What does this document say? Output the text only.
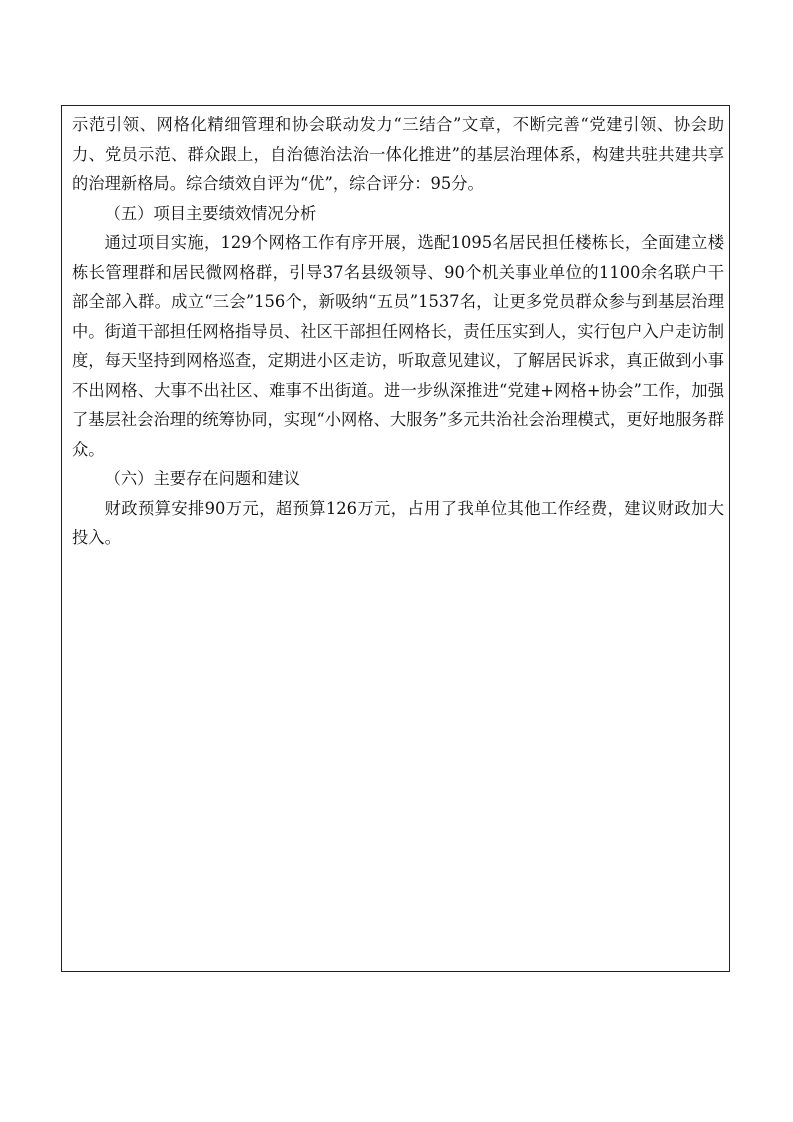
示范引领、网格化精细管理和协会联动发力“三结合”文章，不断完善“党建引领、协会助力、党员示范、群众跟上，自治德治法治一体化推进”的基层治理体系，构建共驻共建共享的治理新格局。综合绩效自评为“优”，综合评分：95分。

（五）项目主要绩效情况分析

通过项目实施，129个网格工作有序开展，选配1095名居民担任楼栋长，全面建立楼栋长管理群和居民微网格群，引导37名县级领导、90个机关事业单位的1100余名联户干部全部入群。成立“三会”156个，新吸纳“五员”1537名，让更多党员群众参与到基层治理中。街道干部担任网格指导员、社区干部担任网格长，责任压实到人，实行包户入户走访制度，每天坚持到网格巡查，定期进小区走访，听取意见建议，了解居民诉求，真正做到小事不出网格、大事不出社区、难事不出街道。进一步纵深推进“党建+网格+协会”工作，加强了基层社会治理的统筹协同，实现“小网格、大服务”多元共治社会治理模式，更好地服务群众。

（六）主要存在问题和建议

财政预算安排90万元，超预算126万元，占用了我单位其他工作经费，建议财政加大投入。
